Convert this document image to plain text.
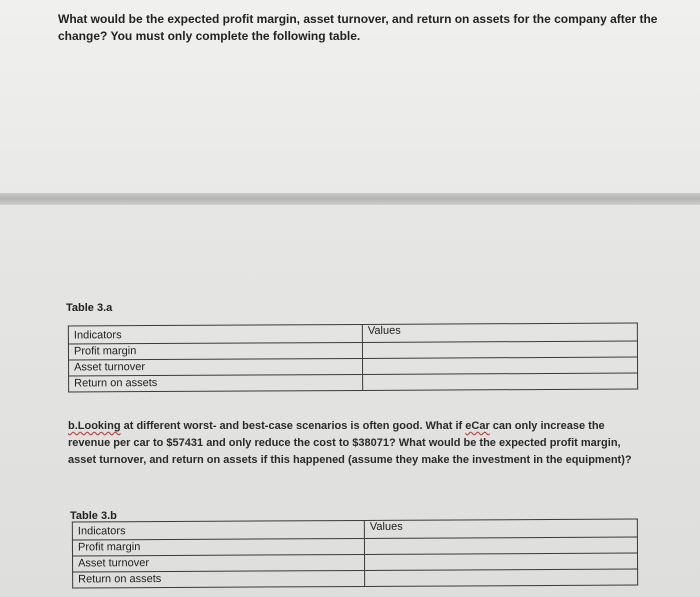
What would be the expected profit margin, asset turnover, and return on assets for the company after the change? You must only complete the following table.
Table 3.a
Indicators	Values
Profit margin	
Asset turnover	
Return on assets	
b.Looking at different worst- and best-case scenarios is often good. What if eCar can only increase the revenue per car to $57431 and only reduce the cost to $38071? What would be the expected profit margin, asset turnover, and return on assets if this happened (assume they make the investment in the equipment)?
Table 3.b
Indicators	Values
Profit margin	
Asset turnover	
Return on assets	
